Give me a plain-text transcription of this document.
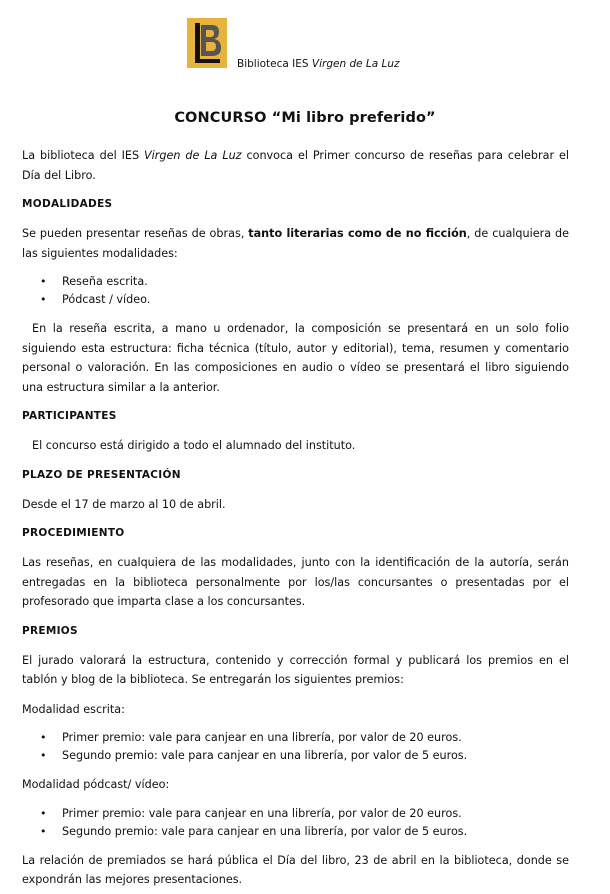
Biblioteca IES Virgen de La Luz
CONCURSO “Mi libro preferido”

La biblioteca del IES Virgen de La Luz convoca el Primer concurso de reseñas para celebrar el Día del Libro.

MODALIDADES

Se pueden presentar reseñas de obras, tanto literarias como de no ficción, de cualquiera de las siguientes modalidades:

• Reseña escrita.
• Pódcast / vídeo.

En la reseña escrita, a mano u ordenador, la composición se presentará en un solo folio siguiendo esta estructura: ficha técnica (título, autor y editorial), tema, resumen y comentario personal o valoración. En las composiciones en audio o vídeo se presentará el libro siguiendo una estructura similar a la anterior.

PARTICIPANTES

El concurso está dirigido a todo el alumnado del instituto.

PLAZO DE PRESENTACIÓN

Desde el 17 de marzo al 10 de abril.

PROCEDIMIENTO

Las reseñas, en cualquiera de las modalidades, junto con la identificación de la autoría, serán entregadas en la biblioteca personalmente por los/las concursantes o presentadas por el profesorado que imparta clase a los concursantes.

PREMIOS

El jurado valorará la estructura, contenido y corrección formal y publicará los premios en el tablón y blog de la biblioteca. Se entregarán los siguientes premios:

Modalidad escrita:

• Primer premio: vale para canjear en una librería, por valor de 20 euros.
• Segundo premio: vale para canjear en una librería, por valor de 5 euros.

Modalidad pódcast/ vídeo:

• Primer premio: vale para canjear en una librería, por valor de 20 euros.
• Segundo premio: vale para canjear en una librería, por valor de 5 euros.

La relación de premiados se hará pública el Día del libro, 23 de abril en la biblioteca, donde se expondrán las mejores presentaciones.
